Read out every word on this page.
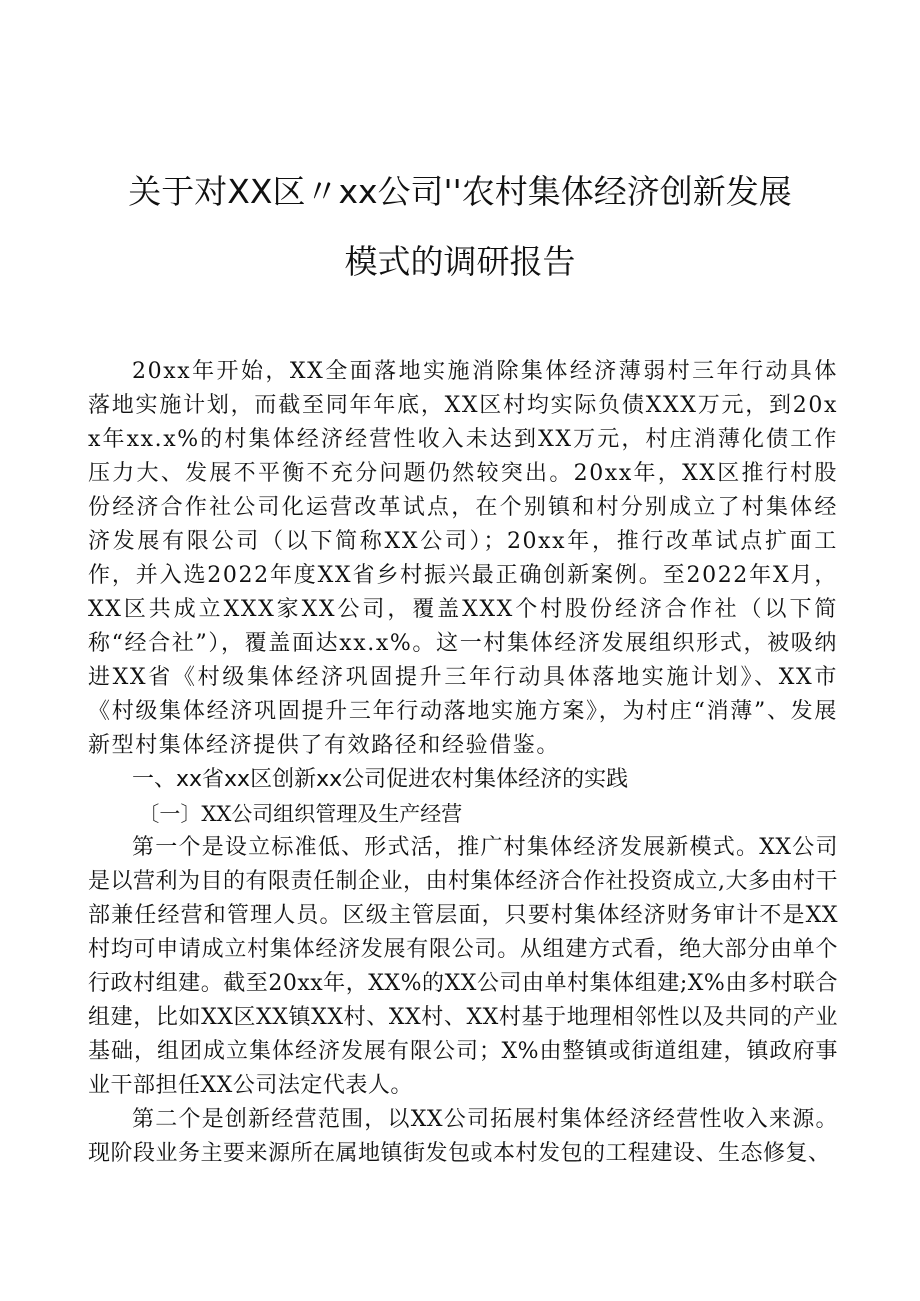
关于对XX区〃xx公司''农村集体经济创新发展
模式的调研报告

20xx年开始，XX全面落地实施消除集体经济薄弱村三年行动具体落地实施计划，而截至同年年底，XX区村均实际负债XXX万元，到20xx年xx.x%的村集体经济经营性收入未达到XX万元，村庄消薄化债工作压力大、发展不平衡不充分问题仍然较突出。20xx年，XX区推行村股份经济合作社公司化运营改革试点，在个别镇和村分别成立了村集体经济发展有限公司（以下简称XX公司）；20xx年，推行改革试点扩面工作，并入选2022年度XX省乡村振兴最正确创新案例。至2022年X月，XX区共成立XXX家XX公司，覆盖XXX个村股份经济合作社（以下简称“经合社”），覆盖面达xx.x%。这一村集体经济发展组织形式，被吸纳进XX省《村级集体经济巩固提升三年行动具体落地实施计划》、XX市《村级集体经济巩固提升三年行动落地实施方案》，为村庄“消薄”、发展新型村集体经济提供了有效路径和经验借鉴。

一、xx省xx区创新xx公司促进农村集体经济的实践

〔一〕XX公司组织管理及生产经营

第一个是设立标准低、形式活，推广村集体经济发展新模式。XX公司是以营利为目的有限责任制企业，由村集体经济合作社投资成立,大多由村干部兼任经营和管理人员。区级主管层面，只要村集体经济财务审计不是XX村均可申请成立村集体经济发展有限公司。从组建方式看，绝大部分由单个行政村组建。截至20xx年，XX%的XX公司由单村集体组建;X%由多村联合组建，比如XX区XX镇XX村、XX村、XX村基于地理相邻性以及共同的产业基础，组团成立集体经济发展有限公司；X%由整镇或街道组建，镇政府事业干部担任XX公司法定代表人。

第二个是创新经营范围，以XX公司拓展村集体经济经营性收入来源。现阶段业务主要来源所在属地镇街发包或本村发包的工程建设、生态修复、
